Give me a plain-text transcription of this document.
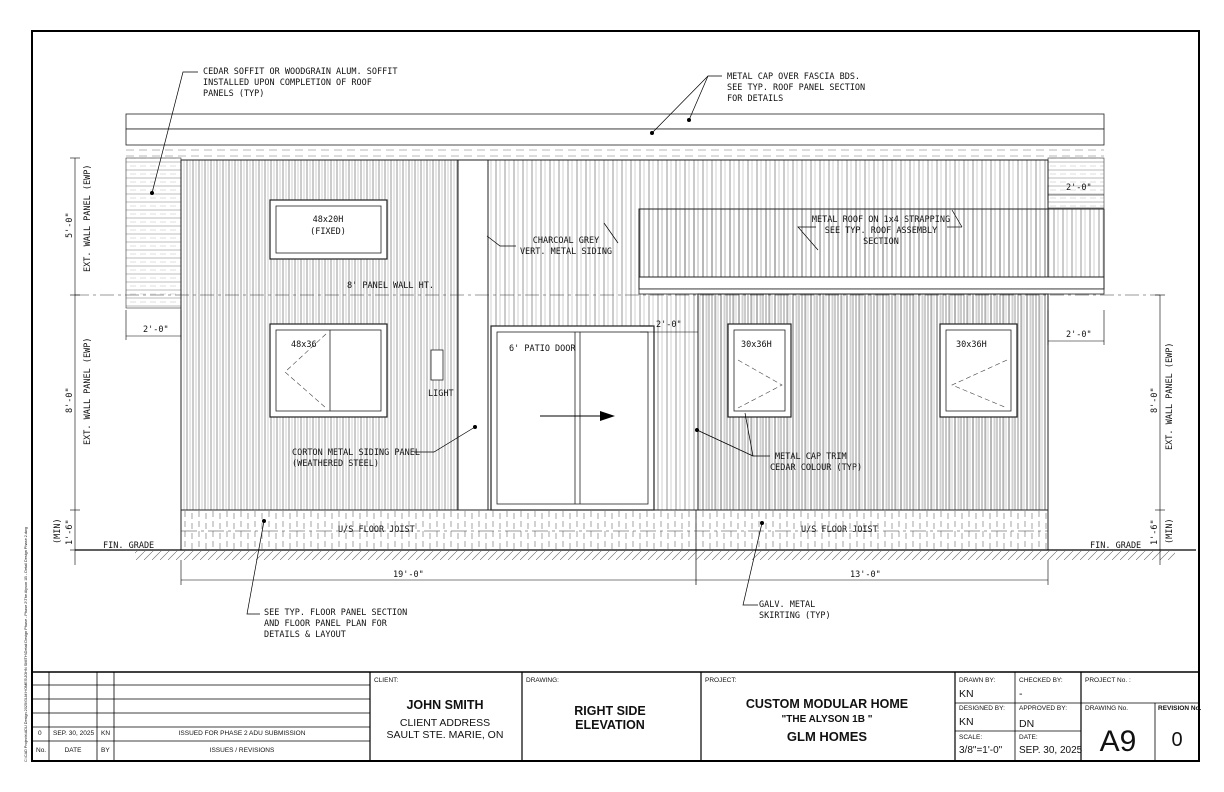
C:\CAD Projects\ADU Design 2025\GLM HOMES\JOHN SMITH\Detail Design Phase - Phase 2\The Alyson 1B - Detail Design Phase 2.dwg
CEDAR SOFFIT OR WOODGRAIN ALUM. SOFFIT
INSTALLED UPON COMPLETION OF ROOF
PANELS (TYP)
METAL CAP OVER FASCIA BDS.
SEE TYP. ROOF PANEL SECTION
FOR DETAILS
48x20H
(FIXED)
CHARCOAL GREY
VERT. METAL SIDING
METAL ROOF ON 1x4 STRAPPING
SEE TYP. ROOF ASSEMBLY
SECTION
8' PANEL WALL HT.
48x36	6' PATIO DOOR
LIGHT
30x36H	30x36H
CORTON METAL SIDING PANEL
(WEATHERED STEEL)
METAL CAP TRIM
CEDAR COLOUR (TYP)
U/S FLOOR JOIST	U/S FLOOR JOIST
FIN. GRADE	FIN. GRADE
SEE TYP. FLOOR PANEL SECTION
AND FLOOR PANEL PLAN FOR
DETAILS & LAYOUT
GALV. METAL
SKIRTING (TYP)
2'-0"
2'-0"
2'-0"
2'-0"
19'-0"	13'-0"
5'-0" EXT. WALL PANEL (EWP)
8'-0" EXT. WALL PANEL (EWP)
1'-6"
(MIN)
8'-0" EXT. WALL PANEL (EWP)
1'-6" (MIN)
0 SEP. 30, 2025 KN	ISSUED FOR PHASE 2 ADU SUBMISSION
No.	DATE	BY	ISSUES / REVISIONS
CLIENT:
JOHN SMITH
CLIENT ADDRESS
SAULT STE. MARIE, ON
DRAWING:
RIGHT SIDE
ELEVATION
PROJECT:
CUSTOM MODULAR HOME
"THE ALYSON 1B "
GLM HOMES
DRAWN BY:
KN
CHECKED BY:
-
DESIGNED BY:
KN
APPROVED BY:
DN
SCALE:
3/8"=1'-0"
DATE:
SEP. 30, 2025
PROJECT No. :
DRAWING No.
A9
REVISION No.
0
